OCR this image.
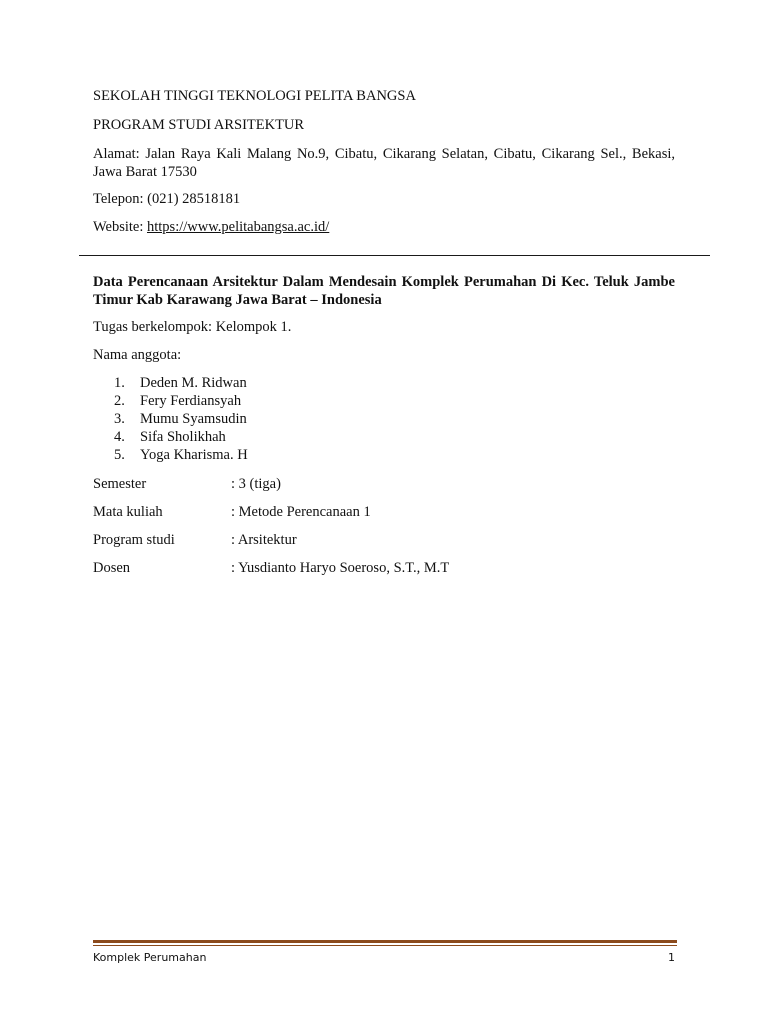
SEKOLAH TINGGI TEKNOLOGI PELITA BANGSA

PROGRAM STUDI ARSITEKTUR

Alamat: Jalan Raya Kali Malang No.9, Cibatu, Cikarang Selatan, Cibatu, Cikarang Sel., Bekasi, Jawa Barat 17530

Telepon: (021) 28518181

Website: https://www.pelitabangsa.ac.id/

Data Perencanaan Arsitektur Dalam Mendesain Komplek Perumahan Di Kec. Teluk Jambe Timur Kab Karawang Jawa Barat – Indonesia

Tugas berkelompok: Kelompok 1.

Nama anggota:

1. Deden M. Ridwan
2. Fery Ferdiansyah
3. Mumu Syamsudin
4. Sifa Sholikhah
5. Yoga Kharisma. H
Semester	: 3 (tiga)
Mata kuliah	: Metode Perencanaan 1
Program studi	: Arsitektur
Dosen	: Yusdianto Haryo Soeroso, S.T., M.T
Komplek Perumahan	1
